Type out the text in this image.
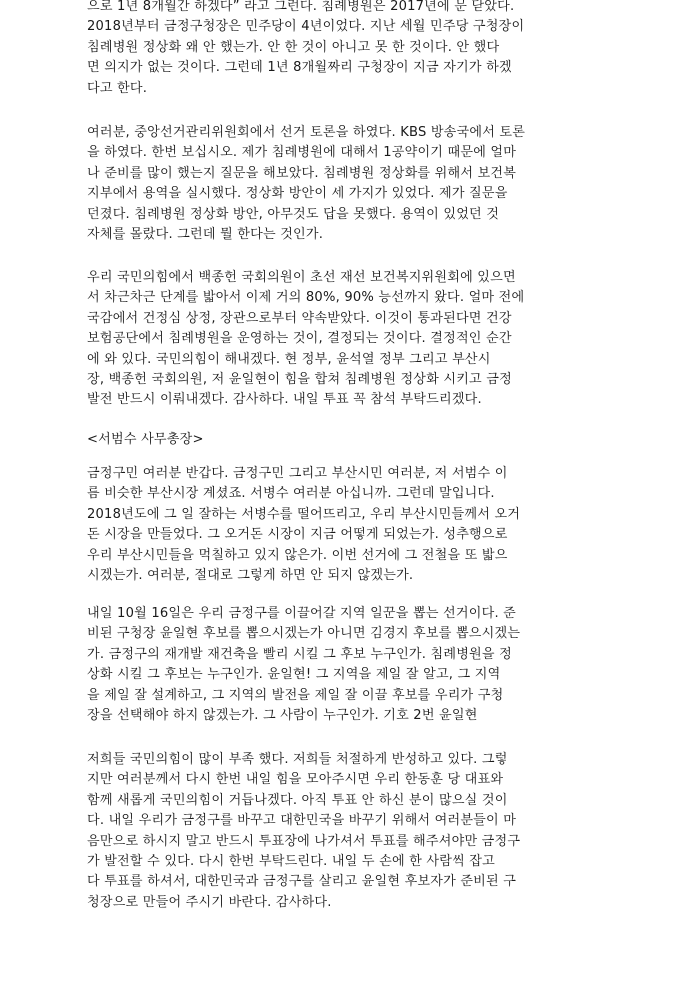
으로 1년 8개월간 하겠다” 라고 그런다. 침례병원은 2017년에 문 닫았다.
2018년부터 금정구청장은 민주당이 4년이었다. 지난 세월 민주당 구청장이
침례병원 정상화 왜 안 했는가. 안 한 것이 아니고 못 한 것이다. 안 했다
면 의지가 없는 것이다. 그런데 1년 8개월짜리 구청장이 지금 자기가 하겠
다고 한다.
여러분, 중앙선거관리위원회에서 선거 토론을 하였다. KBS 방송국에서 토론
을 하였다. 한번 보십시오. 제가 침례병원에 대해서 1공약이기 때문에 얼마
나 준비를 많이 했는지 질문을 해보았다. 침례병원 정상화를 위해서 보건복
지부에서 용역을 실시했다. 정상화 방안이 세 가지가 있었다. 제가 질문을
던졌다. 침례병원 정상화 방안, 아무것도 답을 못했다. 용역이 있었던 것
자체를 몰랐다. 그런데 뭘 한다는 것인가.
우리 국민의힘에서 백종헌 국회의원이 초선 재선 보건복지위원회에 있으면
서 차근차근 단계를 밟아서 이제 거의 80%, 90% 능선까지 왔다. 얼마 전에
국감에서 건정심 상정, 장관으로부터 약속받았다. 이것이 통과된다면 건강
보험공단에서 침례병원을 운영하는 것이, 결정되는 것이다. 결정적인 순간
에 와 있다. 국민의힘이 해내겠다. 현 정부, 윤석열 정부 그리고 부산시
장, 백종헌 국회의원, 저 윤일현이 힘을 합쳐 침례병원 정상화 시키고 금정
발전 반드시 이뤄내겠다. 감사하다. 내일 투표 꼭 참석 부탁드리겠다.
<서범수 사무총장>
금정구민 여러분 반갑다. 금정구민 그리고 부산시민 여러분, 저 서범수 이
름 비슷한 부산시장 계셨죠. 서병수 여러분 아십니까. 그런데 말입니다.
2018년도에 그 일 잘하는 서병수를 떨어뜨리고, 우리 부산시민들께서 오거
돈 시장을 만들었다. 그 오거돈 시장이 지금 어떻게 되었는가. 성추행으로
우리 부산시민들을 먹칠하고 있지 않은가. 이번 선거에 그 전철을 또 밟으
시겠는가. 여러분, 절대로 그렇게 하면 안 되지 않겠는가.
내일 10월 16일은 우리 금정구를 이끌어갈 지역 일꾼을 뽑는 선거이다. 준
비된 구청장 윤일현 후보를 뽑으시겠는가 아니면 김경지 후보를 뽑으시겠는
가. 금정구의 재개발 재건축을 빨리 시킬 그 후보 누구인가. 침례병원을 정
상화 시킬 그 후보는 누구인가. 윤일현! 그 지역을 제일 잘 알고, 그 지역
을 제일 잘 설계하고, 그 지역의 발전을 제일 잘 이끌 후보를 우리가 구청
장을 선택해야 하지 않겠는가. 그 사람이 누구인가. 기호 2번 윤일현
저희들 국민의힘이 많이 부족 했다. 저희들 처절하게 반성하고 있다. 그렇
지만 여러분께서 다시 한번 내일 힘을 모아주시면 우리 한동훈 당 대표와
함께 새롭게 국민의힘이 거듭나겠다. 아직 투표 안 하신 분이 많으실 것이
다. 내일 우리가 금정구를 바꾸고 대한민국을 바꾸기 위해서 여러분들이 마
음만으로 하시지 말고 반드시 투표장에 나가셔서 투표를 해주셔야만 금정구
가 발전할 수 있다. 다시 한번 부탁드린다. 내일 두 손에 한 사람씩 잡고
다 투표를 하셔서, 대한민국과 금정구를 살리고 윤일현 후보자가 준비된 구
청장으로 만들어 주시기 바란다. 감사하다.
